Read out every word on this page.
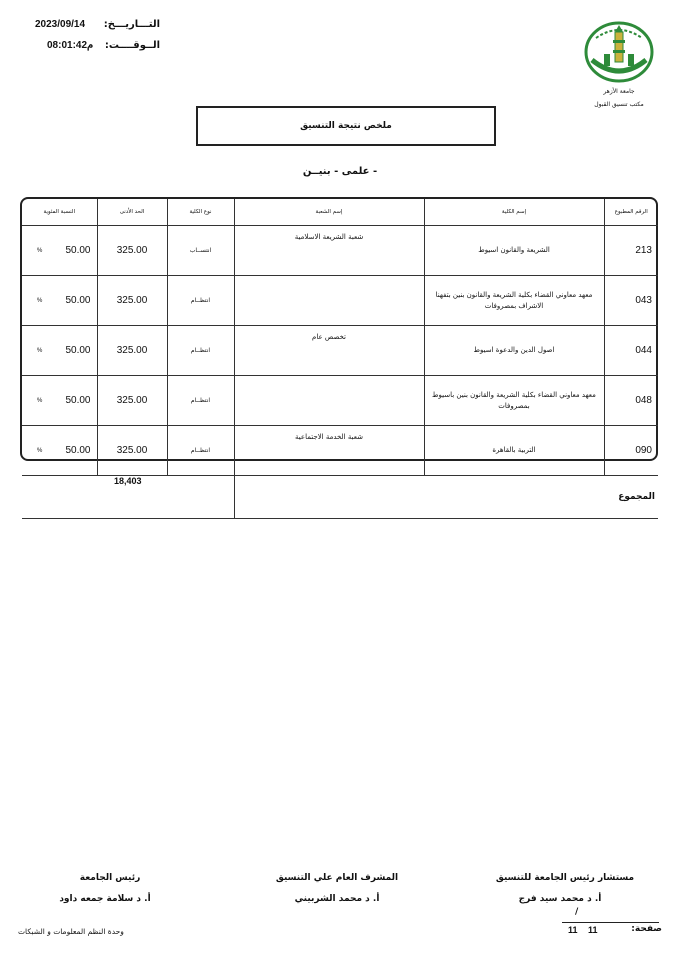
التـــاريـــخ:
2023/09/14
الــوقــــت:
08:01:42م
جامعة الأزهر
مكتب تنسيق القبول
ملخص نتيجة التنسيق
- علمى - بنيــن
الرقم المطبوع	إسم الكلية	إسم الشعبة	نوع الكلية	الحد الأدنى	النسبة المئوية
213	الشريعة والقانون اسيوط	شعبة الشريعة الاسلامية	انتســاب	325.00	% 50.00

043	معهد معاوني القضاء بكلية الشريعة والقانون بنين بتفهنا الاشراف بمصروفات		انتظــام	325.00	% 50.00

044	اصول الدين والدعوة اسيوط	تخصص عام	انتظــام	325.00	% 50.00

048	معهد معاوني القضاء بكلية الشريعة والقانون بنين باسيوط بمصروفات		انتظــام	325.00	% 50.00

090	التربية بالقاهرة	شعبة الخدمة الاجتماعية	انتظــام	325.00	% 50.00

المجموع			18,403		
مستشار رئيس الجامعة للتنسيق
أ. د محمد سيد فرج
/
المشرف العام علي التنسيق
أ. د محمد الشربيني
رئيس الجامعة
أ. د سلامة جمعه داود
وحدة النظم المعلومات و الشبكات	صفحة:
11
11
